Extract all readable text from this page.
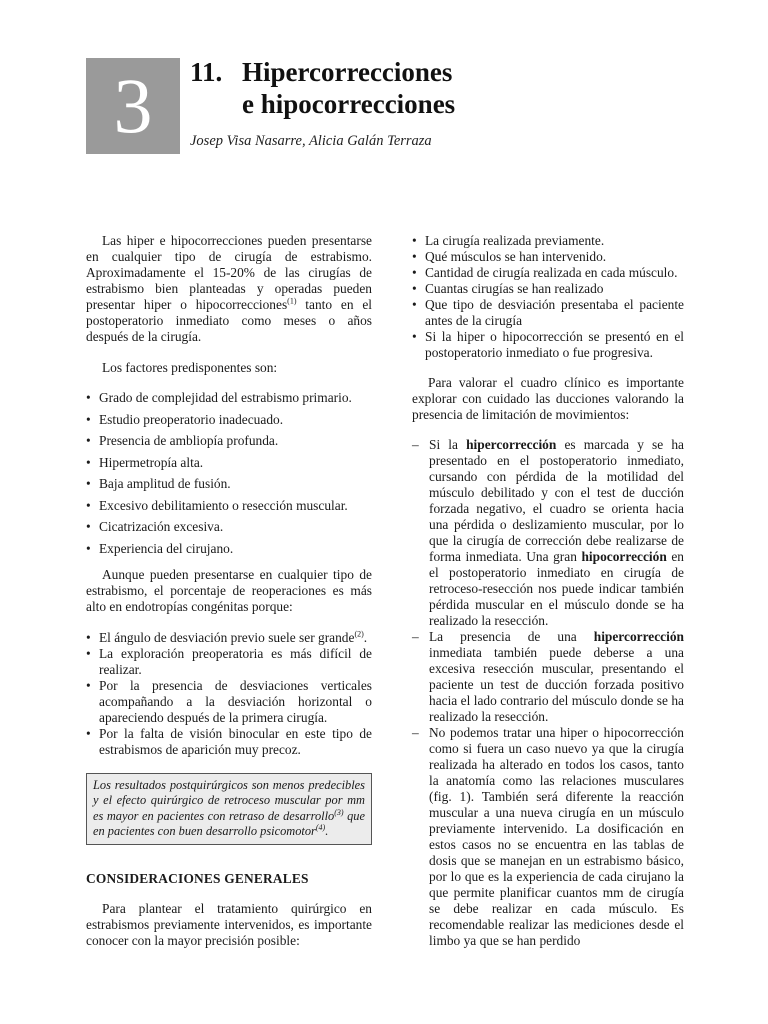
3 11. Hipercorrecciones
e hipocorrecciones
Josep Visa Nasarre, Alicia Galán Terraza

Las hiper e hipocorrecciones pueden presentarse en cualquier tipo de cirugía de estrabismo. Aproximadamente el 15-20% de las cirugías de estrabismo bien planteadas y operadas pueden presentar hiper o hipocorrecciones$^{(1)}$ tanto en el postoperatorio inmediato como meses o años después de la cirugía.

Los factores predisponentes son:

• Grado de complejidad del estrabismo primario.
• Estudio preoperatorio inadecuado.
• Presencia de ambliopía profunda.
• Hipermetropía alta.
• Baja amplitud de fusión.
• Excesivo debilitamiento o resección muscular.
• Cicatrización excesiva.
• Experiencia del cirujano.

Aunque pueden presentarse en cualquier tipo de estrabismo, el porcentaje de reoperaciones es más alto en endotropías congénitas porque:

• El ángulo de desviación previo suele ser grande$^{(2)}$.
• La exploración preoperatoria es más difícil de realizar.
• Por la presencia de desviaciones verticales acompañando a la desviación horizontal o apareciendo después de la primera cirugía.
• Por la falta de visión binocular en este tipo de estrabismos de aparición muy precoz.
Los resultados postquirúrgicos son menos predecibles y el efecto quirúrgico de retroceso muscular por mm es mayor en pacientes con retraso de desarrollo$^{(3)}$ que en pacientes con buen desarrollo psicomotor$^{(4)}$.
CONSIDERACIONES GENERALES

Para plantear el tratamiento quirúrgico en estrabismos previamente intervenidos, es importante conocer con la mayor precisión posible:

• La cirugía realizada previamente.
• Qué músculos se han intervenido.
• Cantidad de cirugía realizada en cada músculo.
• Cuantas cirugías se han realizado
• Que tipo de desviación presentaba el paciente antes de la cirugía
• Si la hiper o hipocorrección se presentó en el postoperatorio inmediato o fue progresiva.

Para valorar el cuadro clínico es importante explorar con cuidado las ducciones valorando la presencia de limitación de movimientos:

– Si la hipercorrección es marcada y se ha presentado en el postoperatorio inmediato, cursando con pérdida de la motilidad del músculo debilitado y con el test de ducción forzada negativo, el cuadro se orienta hacia una pérdida o deslizamiento muscular, por lo que la cirugía de corrección debe realizarse de forma inmediata. Una gran hipocorrección en el postoperatorio inmediato en cirugía de retroceso-resección nos puede indicar también pérdida muscular en el músculo donde se ha realizado la resección.
– La presencia de una hipercorrección inmediata también puede deberse a una excesiva resección muscular, presentando el paciente un test de ducción forzada positivo hacia el lado contrario del músculo donde se ha realizado la resección.
– No podemos tratar una hiper o hipocorrección como si fuera un caso nuevo ya que la cirugía realizada ha alterado en todos los casos, tanto la anatomía como las relaciones musculares (fig. 1). También será diferente la reacción muscular a una nueva cirugía en un músculo previamente intervenido. La dosificación en estos casos no se encuentra en las tablas de dosis que se manejan en un estrabismo básico, por lo que es la experiencia de cada cirujano la que permite planificar cuantos mm de cirugía se debe realizar en cada músculo. Es recomendable realizar las mediciones desde el limbo ya que se han perdido
